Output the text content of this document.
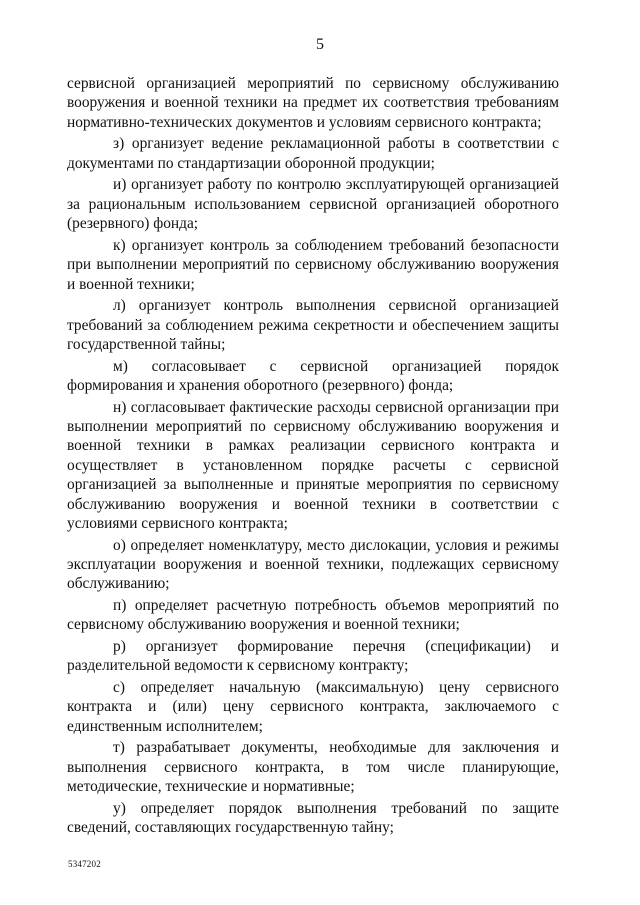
5

сервисной организацией мероприятий по сервисному обслуживанию вооружения и военной техники на предмет их соответствия требованиям нормативно-технических документов и условиям сервисного контракта;

з) организует ведение рекламационной работы в соответствии с документами по стандартизации оборонной продукции;

и) организует работу по контролю эксплуатирующей организацией за рациональным использованием сервисной организацией оборотного (резервного) фонда;

к) организует контроль за соблюдением требований безопасности при выполнении мероприятий по сервисному обслуживанию вооружения и военной техники;

л) организует контроль выполнения сервисной организацией требований за соблюдением режима секретности и обеспечением защиты государственной тайны;

м) согласовывает с сервисной организацией порядок формирования и хранения оборотного (резервного) фонда;

н) согласовывает фактические расходы сервисной организации при выполнении мероприятий по сервисному обслуживанию вооружения и военной техники в рамках реализации сервисного контракта и осуществляет в установленном порядке расчеты с сервисной организацией за выполненные и принятые мероприятия по сервисному обслуживанию вооружения и военной техники в соответствии с условиями сервисного контракта;

о) определяет номенклатуру, место дислокации, условия и режимы эксплуатации вооружения и военной техники, подлежащих сервисному обслуживанию;

п) определяет расчетную потребность объемов мероприятий по сервисному обслуживанию вооружения и военной техники;

р) организует формирование перечня (спецификации) и разделительной ведомости к сервисному контракту;

с) определяет начальную (максимальную) цену сервисного контракта и (или) цену сервисного контракта, заключаемого с единственным исполнителем;

т) разрабатывает документы, необходимые для заключения и выполнения сервисного контракта, в том числе планирующие, методические, технические и нормативные;

у) определяет порядок выполнения требований по защите сведений, составляющих государственную тайну;

5347202
